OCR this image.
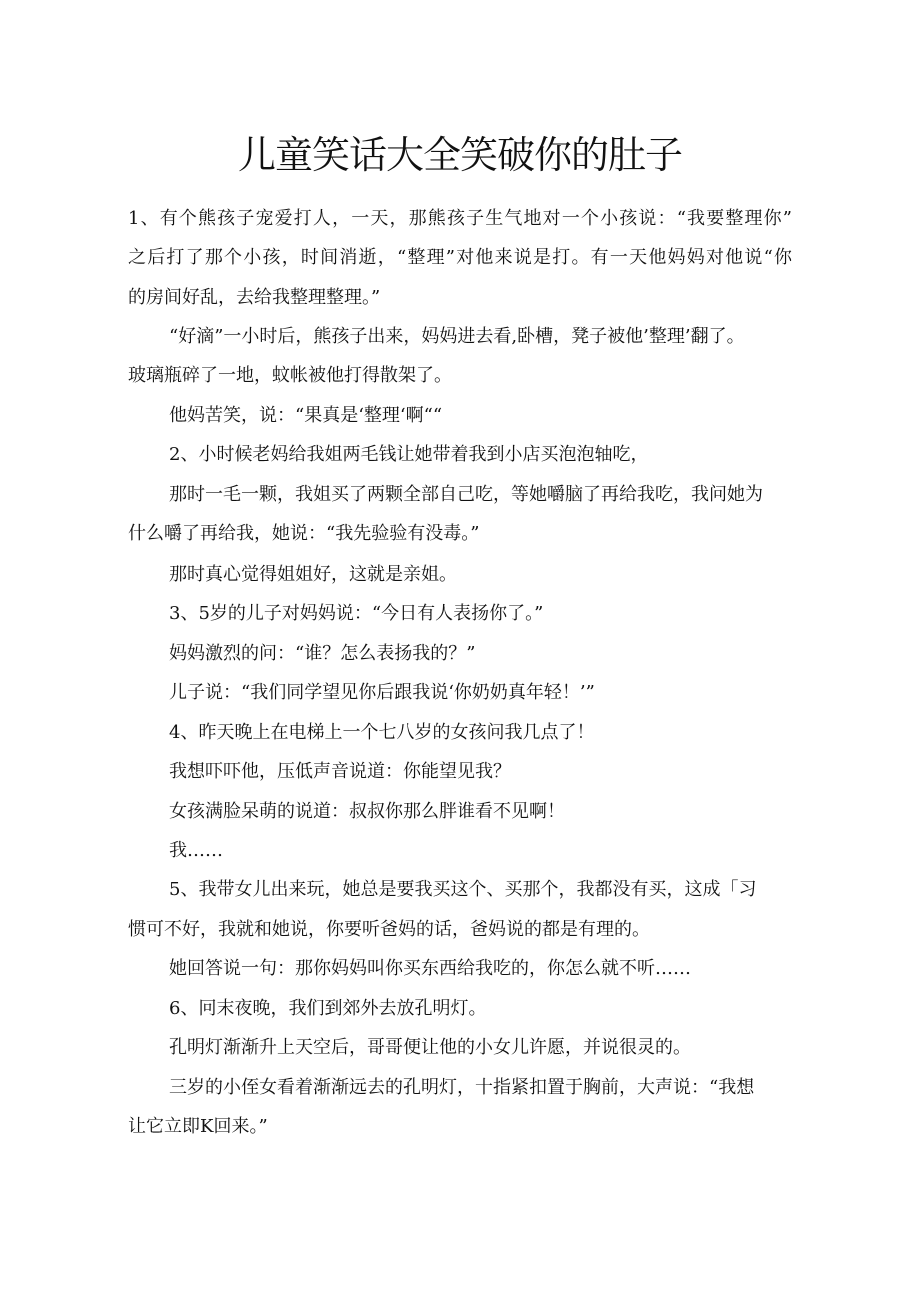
儿童笑话大全笑破你的肚子

1、有个熊孩子宠爱打人，一天，那熊孩子生气地对一个小孩说：“我要整理你”

之后打了那个小孩，时间消逝，“整理”对他来说是打。有一天他妈妈对他说“你

的房间好乱，去给我整理整理。”

“好滴”一小时后，熊孩子出来，妈妈进去看,卧槽，凳子被他’整理’翻了。

玻璃瓶碎了一地，蚊帐被他打得散架了。

他妈苦笑，说：“果真是‘整理‘啊““

2、小时候老妈给我姐两毛钱让她带着我到小店买泡泡轴吃，

那时一毛一颗，我姐买了两颗全部自己吃，等她嚼脑了再给我吃，我问她为

什么嚼了再给我，她说：“我先验验有没毒。”

那时真心觉得姐姐好，这就是亲姐。

3、5岁的儿子对妈妈说：“今日有人表扬你了。”

妈妈激烈的问：“谁？怎么表扬我的？”

儿子说：“我们同学望见你后跟我说‘你奶奶真年轻！’”

4、昨天晚上在电梯上一个七八岁的女孩问我几点了！

我想吓吓他，压低声音说道：你能望见我？

女孩满脸呆萌的说道：叔叔你那么胖谁看不见啊！

我……

5、我带女儿出来玩，她总是要我买这个、买那个，我都没有买，这成「习

惯可不好，我就和她说，你要听爸妈的话，爸妈说的都是有理的。

她回答说一句：那你妈妈叫你买东西给我吃的，你怎么就不听……

6、冋末夜晚，我们到郊外去放孔明灯。

孔明灯渐渐升上天空后，哥哥便让他的小女儿许愿，并说很灵的。

三岁的小侄女看着渐渐远去的孔明灯，十指紧扣置于胸前，大声说：“我想

让它立即K回来。”
